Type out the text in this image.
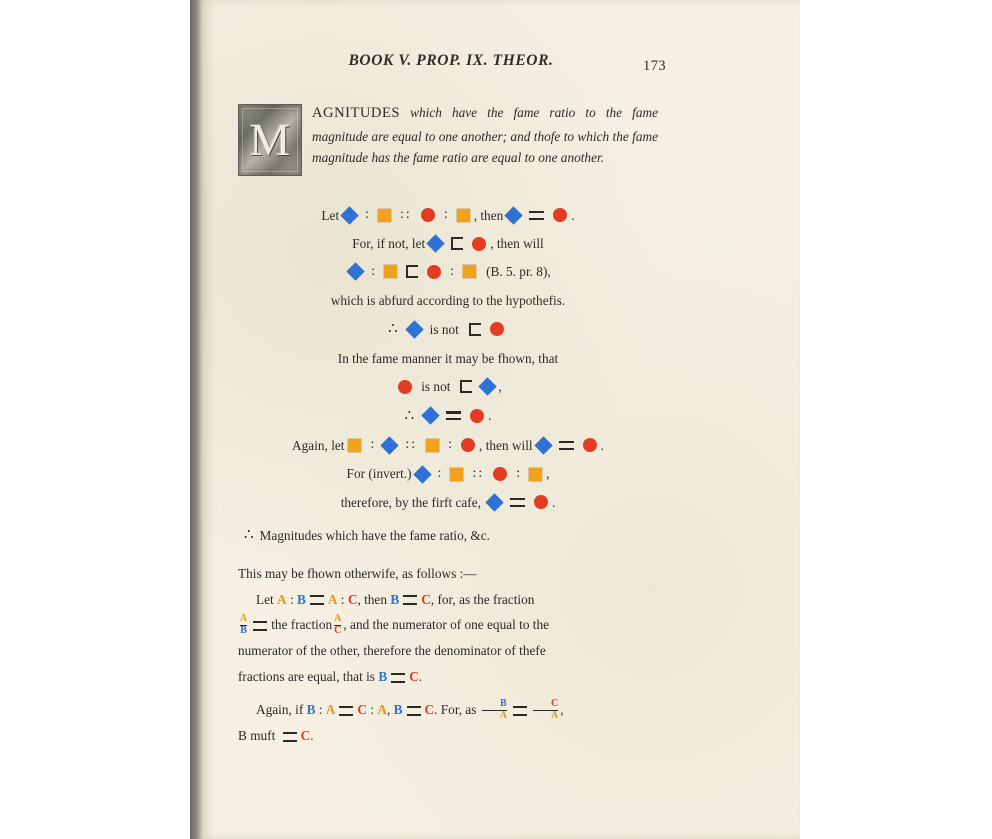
BOOK V. PROP. IX. THEOR.	173
M

AGNITUDES which have the fame ratio to the fame magnitude are equal to one another; and thofe to which the fame magnitude has the fame ratio are equal to one another.

Let : :: : , then	.
For, if not, let	, then will
:	: (B. 5. pr. 8),
which is abfurd according to the hypothefis.
∴ is not
In the fame manner it may be fhown, that
is not	,
∴	.
Again, let : :: : , then will	.
For (invert.) : :: : ,
therefore, by the firft cafe,	.
∴ Magnitudes which have the fame ratio, &c.

This may be fhown otherwife, as follows :—

Let A : B A : C, then B C, for, as the fraction

$\frac{A}{B}$ the fraction $\frac{A}{C}$ , and the numerator of one equal to the

numerator of the other, therefore the denominator of thefe

fractions are equal, that is B C.

Again, if B : A C : A, B C. For, as $\frac{B}{A}$	$\frac{C}{A}$ ,

B muft C.
